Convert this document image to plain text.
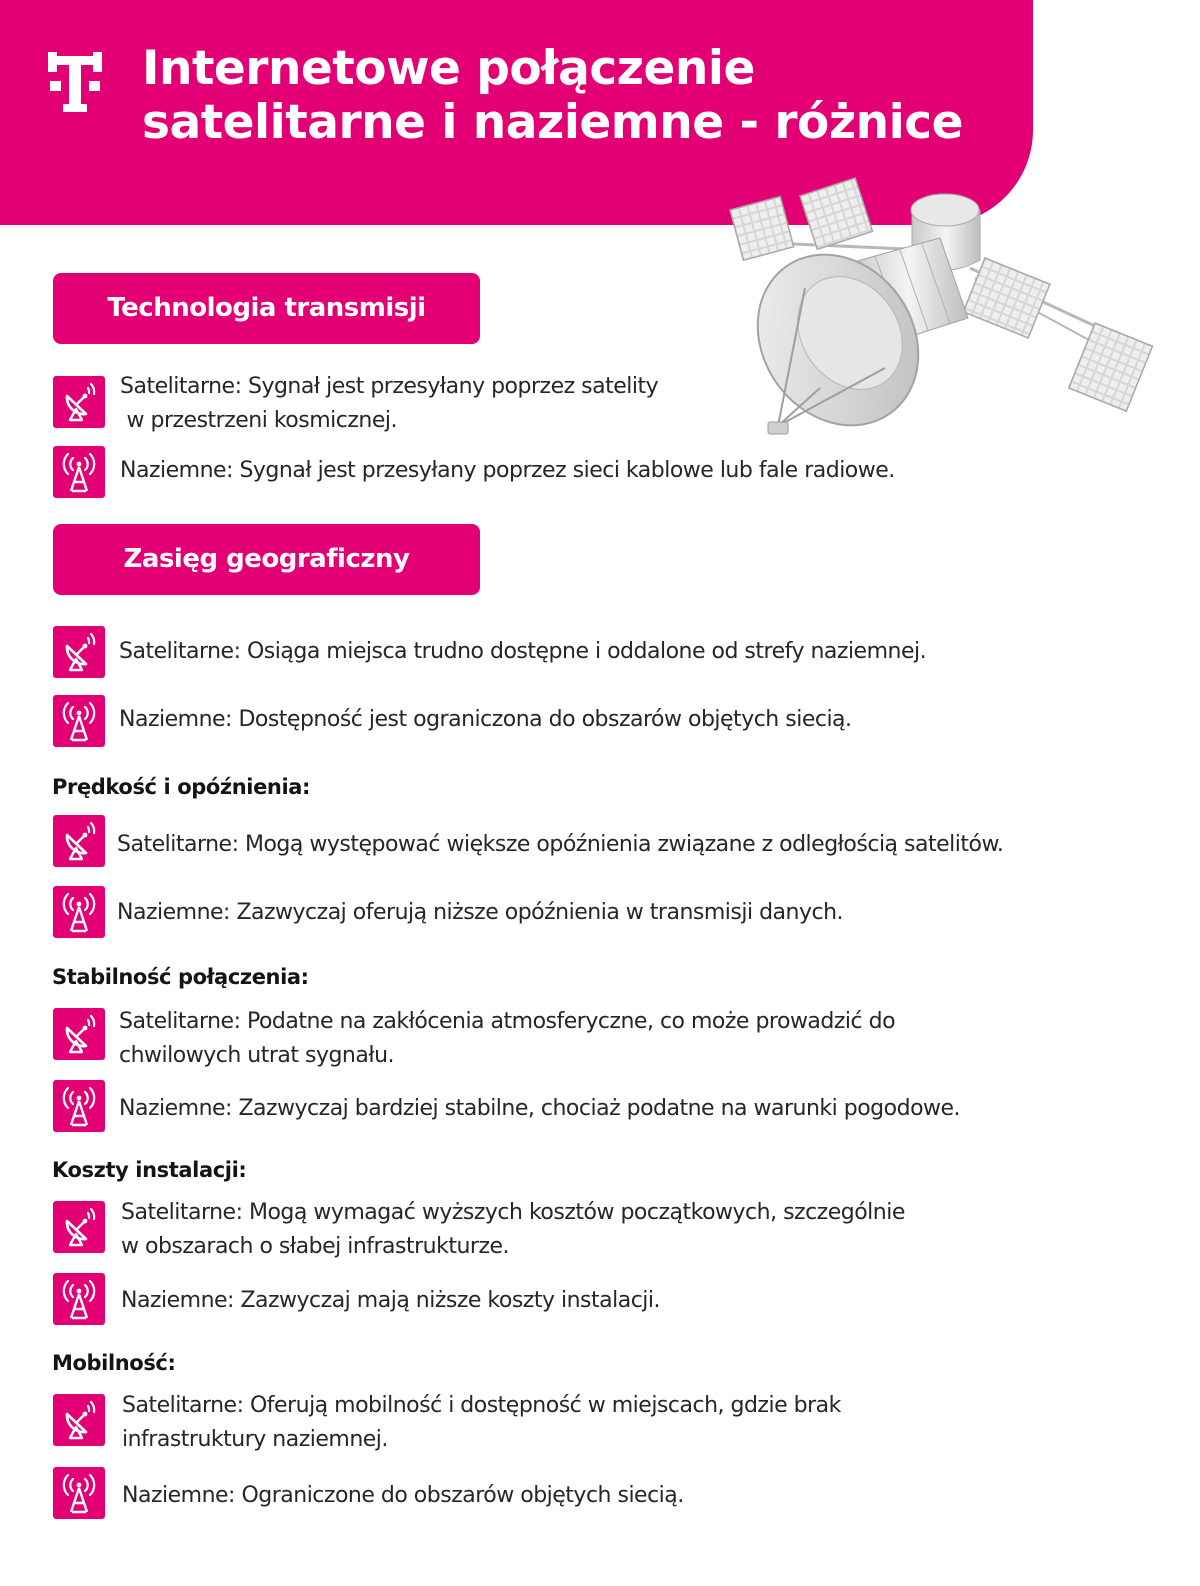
Internetowe połączenie
satelitarne i naziemne - różnice
Technologia transmisji
Satelitarne: Sygnał jest przesyłany poprzez satelity
w przestrzeni kosmicznej.
Naziemne: Sygnał jest przesyłany poprzez sieci kablowe lub fale radiowe.
Zasięg geograficzny
Satelitarne: Osiąga miejsca trudno dostępne i oddalone od strefy naziemnej.
Naziemne: Dostępność jest ograniczona do obszarów objętych siecią.
Prędkość i opóźnienia:
Satelitarne: Mogą występować większe opóźnienia związane z odległością satelitów.
Naziemne: Zazwyczaj oferują niższe opóźnienia w transmisji danych.
Stabilność połączenia:
Satelitarne: Podatne na zakłócenia atmosferyczne, co może prowadzić do
chwilowych utrat sygnału.
Naziemne: Zazwyczaj bardziej stabilne, chociaż podatne na warunki pogodowe.
Koszty instalacji:
Satelitarne: Mogą wymagać wyższych kosztów początkowych, szczególnie
w obszarach o słabej infrastrukturze.
Naziemne: Zazwyczaj mają niższe koszty instalacji.
Mobilność:
Satelitarne: Oferują mobilność i dostępność w miejscach, gdzie brak
infrastruktury naziemnej.
Naziemne: Ograniczone do obszarów objętych siecią.
